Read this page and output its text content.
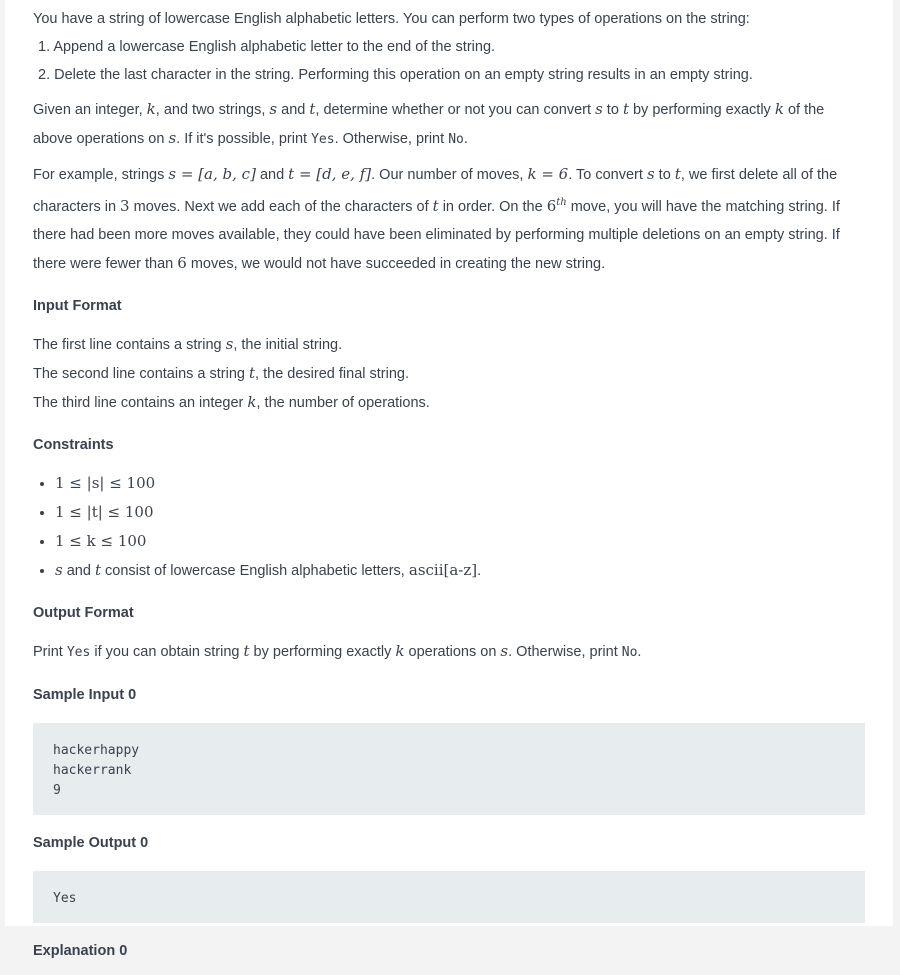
You have a string of lowercase English alphabetic letters. You can perform two types of operations on the string:

1. Append a lowercase English alphabetic letter to the end of the string.
2. Delete the last character in the string. Performing this operation on an empty string results in an empty string.

Given an integer, k, and two strings, s and t, determine whether or not you can convert s to t by performing exactly k of the above operations on s. If it's possible, print Yes. Otherwise, print No.

For example, strings s = [a, b, c] and t = [d, e, f]. Our number of moves, k = 6. To convert s to t, we first delete all of the characters in 3 moves. Next we add each of the characters of t in order. On the 6th move, you will have the matching string. If there had been more moves available, they could have been eliminated by performing multiple deletions on an empty string. If there were fewer than 6 moves, we would not have succeeded in creating the new string.

Input Format
The first line contains a string s, the initial string.
The second line contains a string t, the desired final string.
The third line contains an integer k, the number of operations.
Constraints
• 1 ≤ |s| ≤ 100
• 1 ≤ |t| ≤ 100
• 1 ≤ k ≤ 100
• s and t consist of lowercase English alphabetic letters, ascii[a-z].
Output Format

Print Yes if you can obtain string t by performing exactly k operations on s. Otherwise, print No.

Sample Input 0
hackerhappy
hackerrank
9
Sample Output 0
Yes
Explanation 0
